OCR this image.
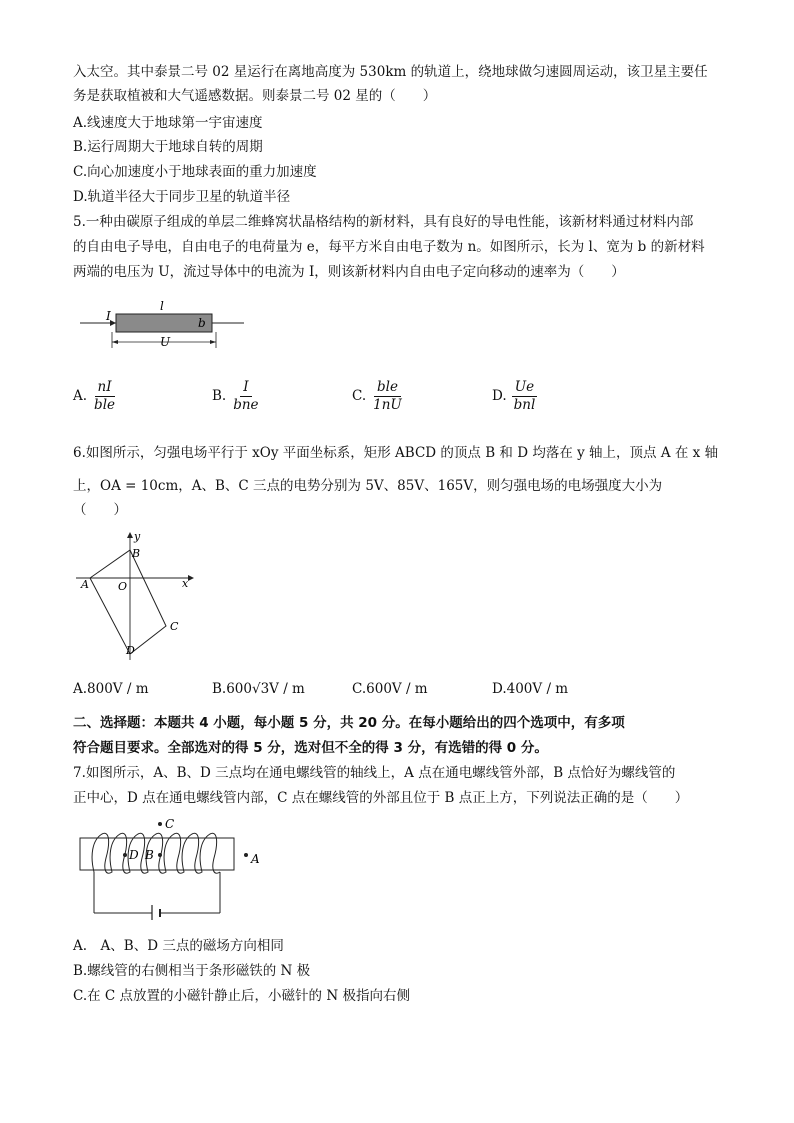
入太空。其中泰景二号 02 星运行在离地高度为 530km 的轨道上，绕地球做匀速圆周运动，该卫星主要任
务是获取植被和大气遥感数据。则泰景二号 02 星的（　　）
A.线速度大于地球第一宇宙速度
B.运行周期大于地球自转的周期
C.向心加速度小于地球表面的重力加速度
D.轨道半径大于同步卫星的轨道半径
5.一种由碳原子组成的单层二维蜂窝状晶格结构的新材料，具有良好的导电性能，该新材料通过材料内部
的自由电子导电，自由电子的电荷量为 e，每平方米自由电子数为 n。如图所示，长为 l、宽为 b 的新材料
两端的电压为 U，流过导体中的电流为 I，则该新材料内自由电子定向移动的速率为（　　）
I
l
b
U
A. $\frac{nI}{\text{ble}}$	B. $\frac{I}{\text{bne}}$	C. $\frac{\text{ble}}{1nU}$	D. $\frac{Ue}{\text{bnl}}$
6.如图所示，匀强电场平行于 xOy 平面坐标系，矩形 ABCD 的顶点 B 和 D 均落在 y 轴上，顶点 A 在 x 轴
上，OA = 10cm，A、B、C 三点的电势分别为 5V、85V、165V，则匀强电场的电场强度大小为
（　　）
y
x
B
A	O
C
D
A.800V / m	B.600√3V / m	C.600V / m	D.400V / m
二、选择题：本题共 4 小题，每小题 5 分，共 20 分。在每小题给出的四个选项中，有多项
符合题目要求。全部选对的得 5 分，选对但不全的得 3 分，有选错的得 0 分。
7.如图所示，A、B、D 三点均在通电螺线管的轴线上，A 点在通电螺线管外部，B 点恰好为螺线管的
正中心，D 点在通电螺线管内部，C 点在螺线管的外部且位于 B 点正上方，下列说法正确的是（　　）
C
D B	A
A.　A、B、D 三点的磁场方向相同
B.螺线管的右侧相当于条形磁铁的 N 极
C.在 C 点放置的小磁针静止后，小磁针的 N 极指向右侧
